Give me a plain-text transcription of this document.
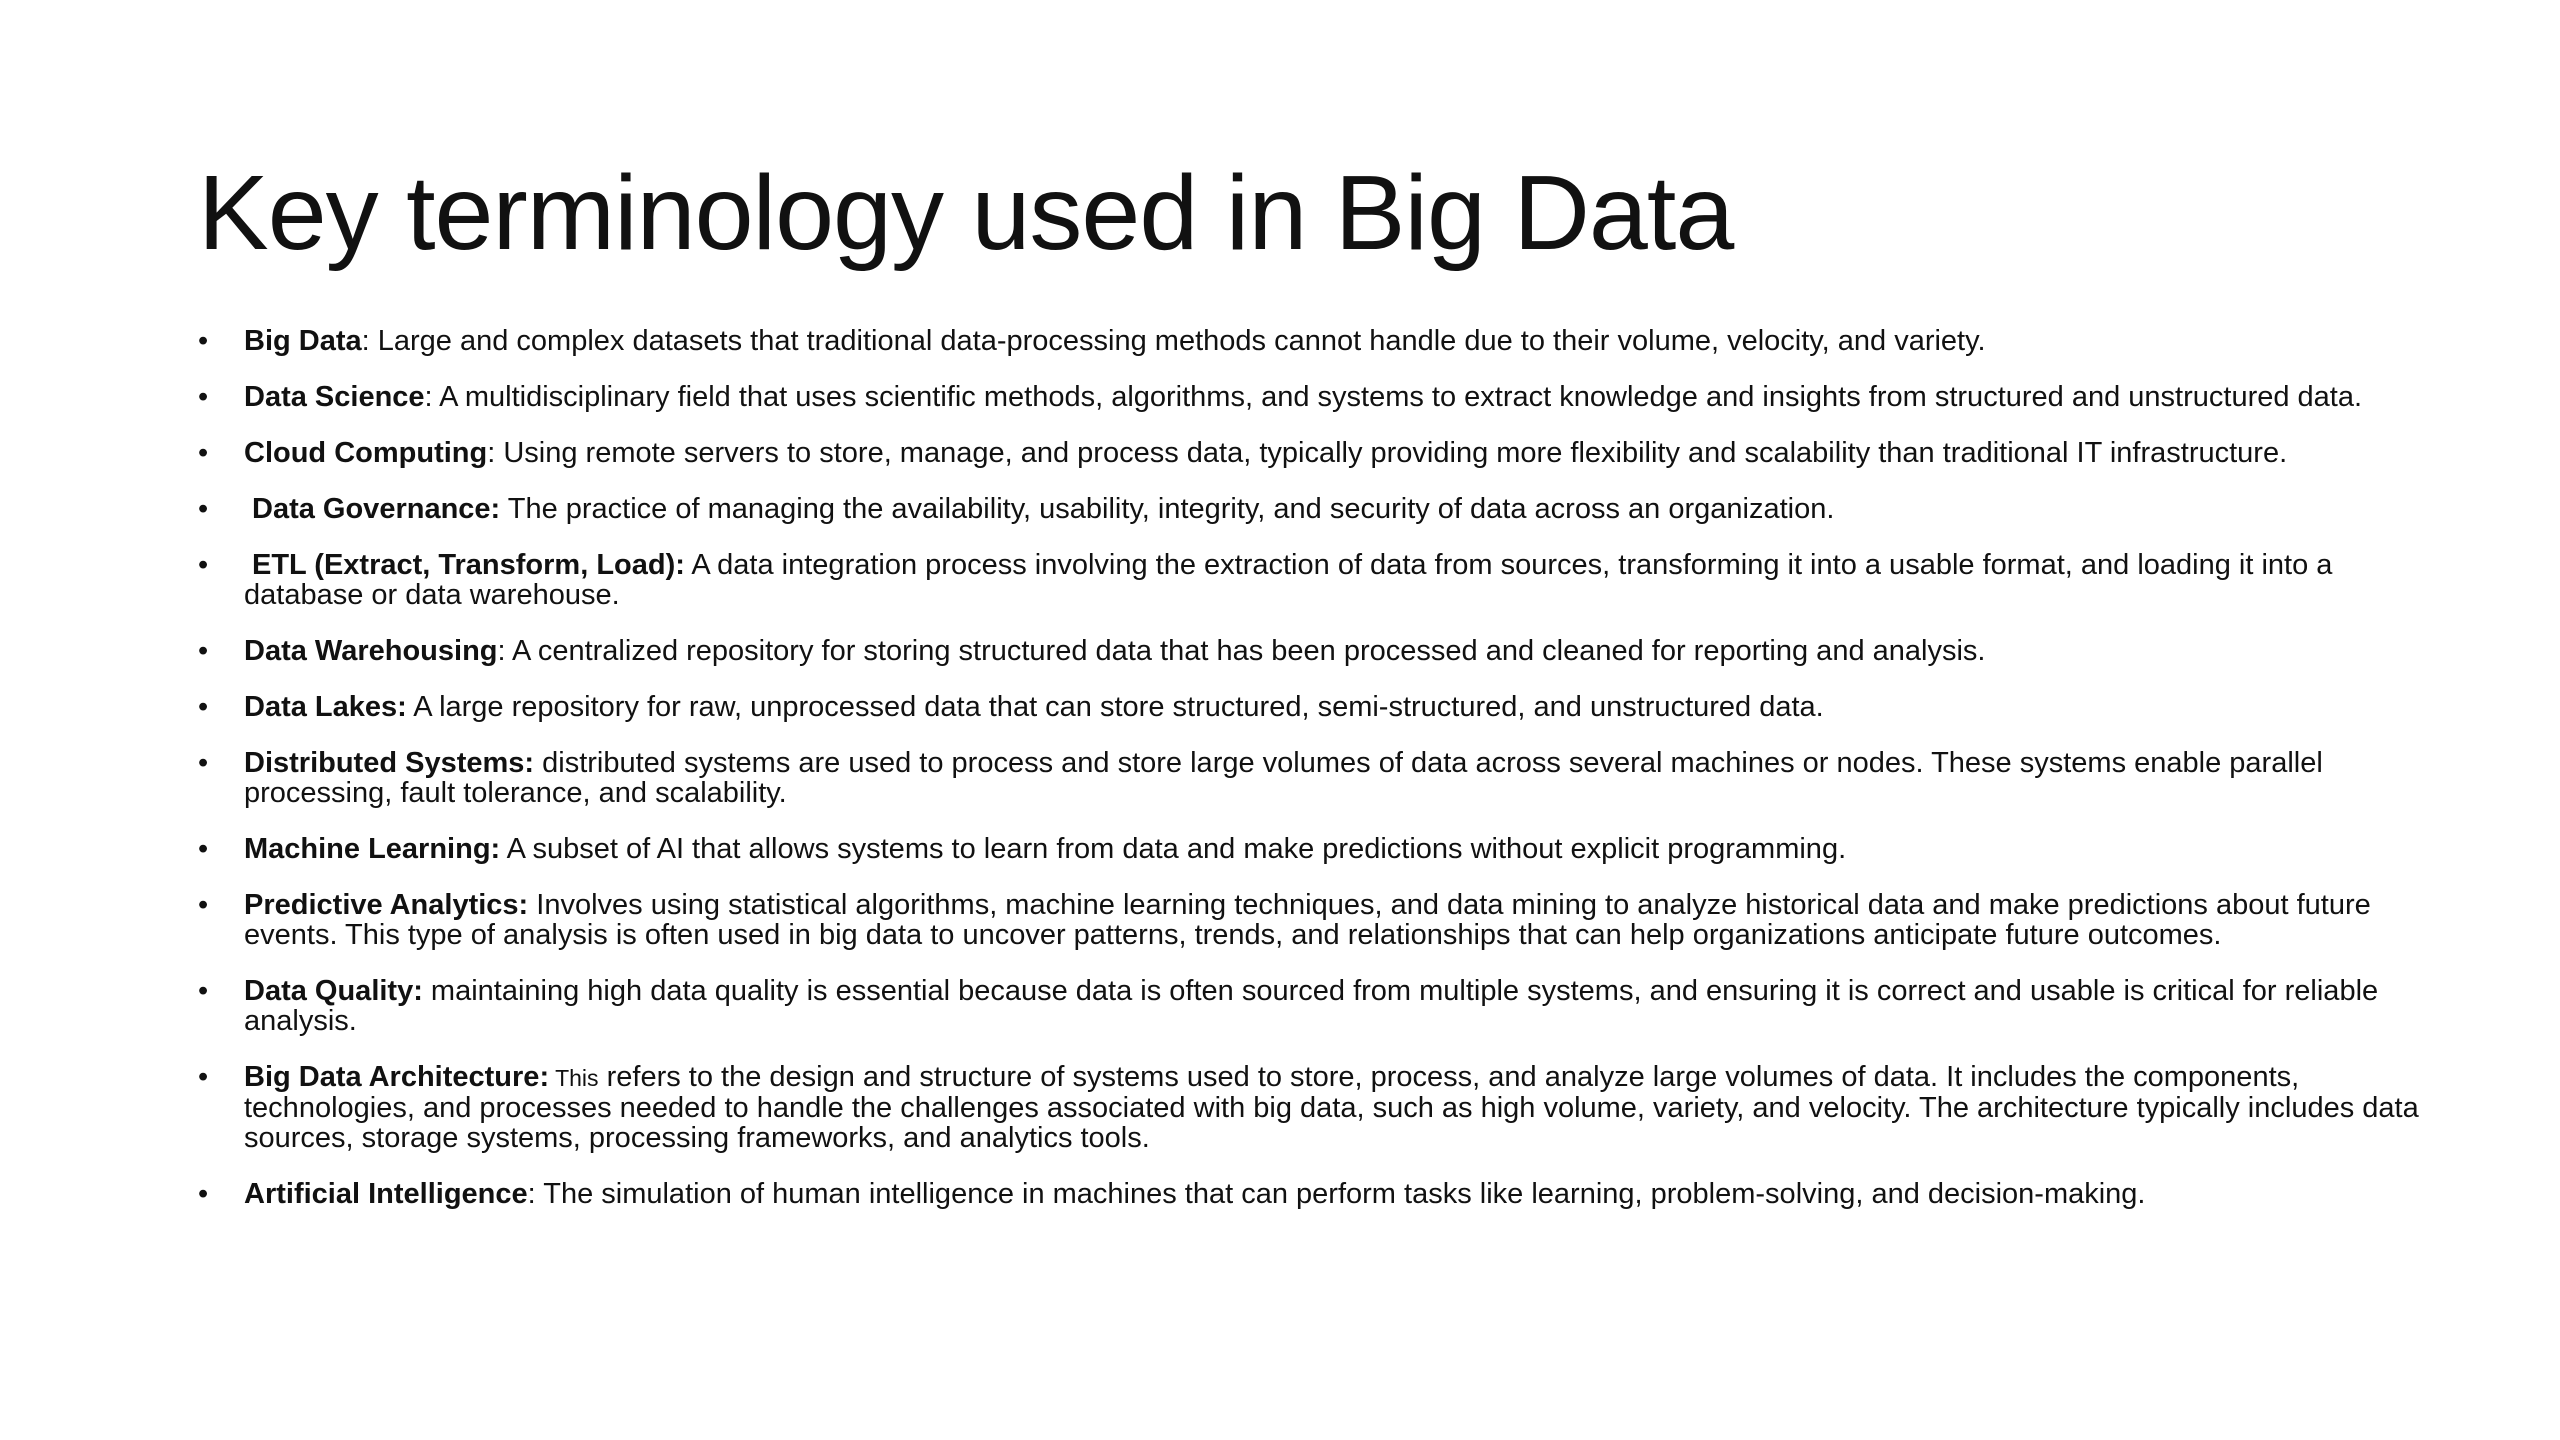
Key terminology used in Big Data
• Big Data: Large and complex datasets that traditional data-processing methods cannot handle due to their volume, velocity, and variety.
• Data Science: A multidisciplinary field that uses scientific methods, algorithms, and systems to extract knowledge and insights from structured and unstructured data.
• Cloud Computing: Using remote servers to store, manage, and process data, typically providing more flexibility and scalability than traditional IT infrastructure.
• Data Governance: The practice of managing the availability, usability, integrity, and security of data across an organization.
• ETL (Extract, Transform, Load): A data integration process involving the extraction of data from sources, transforming it into a usable format, and loading it into a database or data warehouse.
• Data Warehousing: A centralized repository for storing structured data that has been processed and cleaned for reporting and analysis.
• Data Lakes: A large repository for raw, unprocessed data that can store structured, semi-structured, and unstructured data.
• Distributed Systems: distributed systems are used to process and store large volumes of data across several machines or nodes. These systems enable parallel processing, fault tolerance, and scalability.
• Machine Learning: A subset of AI that allows systems to learn from data and make predictions without explicit programming.
• Predictive Analytics: Involves using statistical algorithms, machine learning techniques, and data mining to analyze historical data and make predictions about future events. This type of analysis is often used in big data to uncover patterns, trends, and relationships that can help organizations anticipate future outcomes.
• Data Quality: maintaining high data quality is essential because data is often sourced from multiple systems, and ensuring it is correct and usable is critical for reliable analysis.
• Big Data Architecture: This refers to the design and structure of systems used to store, process, and analyze large volumes of data. It includes the components, technologies, and processes needed to handle the challenges associated with big data, such as high volume, variety, and velocity. The architecture typically includes data sources, storage systems, processing frameworks, and analytics tools.
• Artificial Intelligence: The simulation of human intelligence in machines that can perform tasks like learning, problem-solving, and decision-making.
